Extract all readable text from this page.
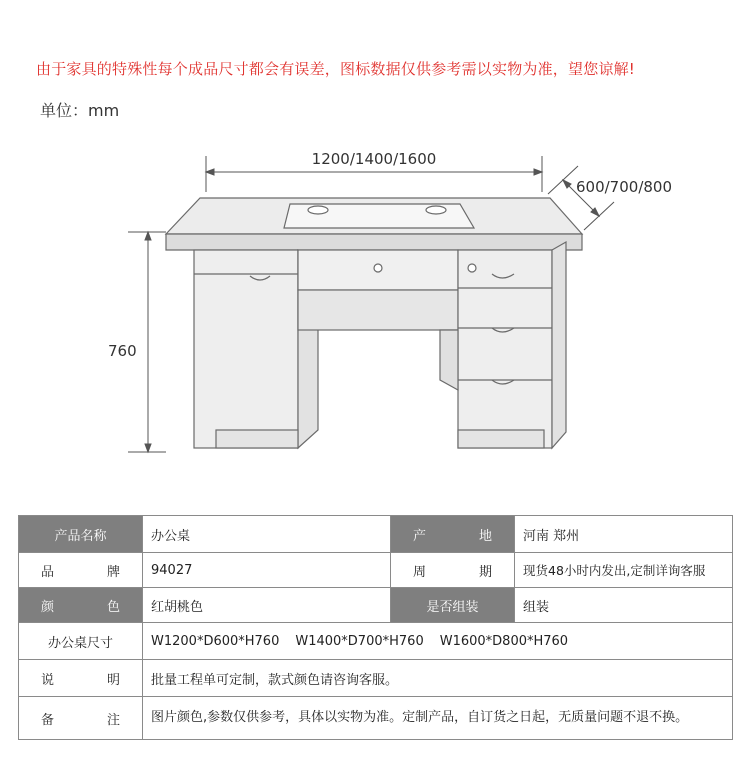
由于家具的特殊性每个成品尺寸都会有误差，图标数据仅供参考需以实物为准，望您谅解!
单位：mm
1200/1400/1600
600/700/800
760
产品名称	办公桌	产 地	河南 郑州

品 牌	94027	周 期	现货48小时内发出,定制详询客服

颜 色	红胡桃色	是否组装	组装
办公桌尺寸	W1200*D600*H760 W1400*D700*H760 W1600*D800*H760		

说 明	批量工程单可定制，款式颜色请咨询客服。		

备 注	图片颜色,参数仅供参考，具体以实物为准。定制产品，自订货之日起，无质量问题不退不换。		
